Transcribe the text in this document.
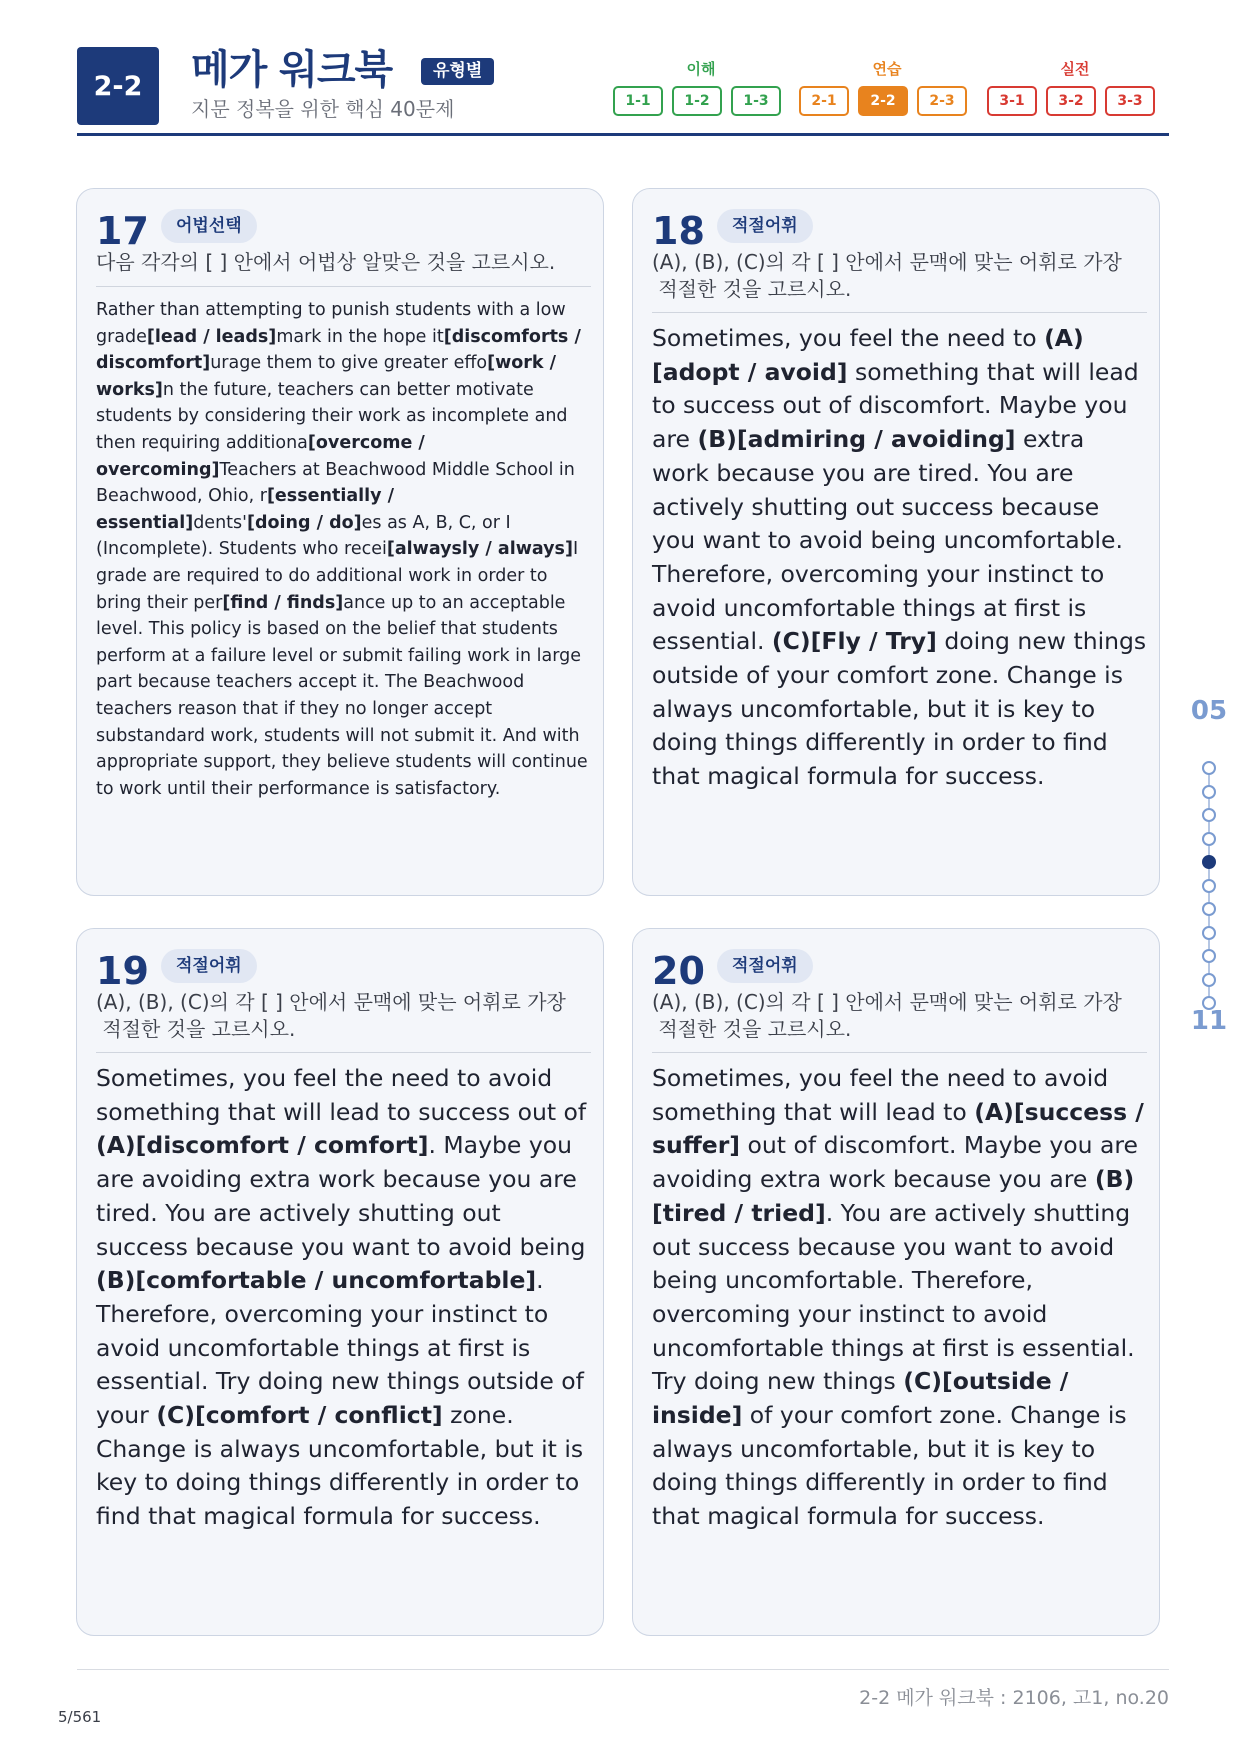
2-2	메가 워크북	유형별
지문 정복을 위한 핵심 40문제
이해
1-1	1-2	1-3
연습
2-1	2-2	2-3
실전
3-1	3-2	3-3
17	어법선택
다음 각각의 [ ] 안에서 어법상 알맞은 것을 고르시오.
Rather than attempting to punish students with a low grade[lead / leads]mark in the hope it[discomforts / discomfort]urage them to give greater effo[work / works]n the future, teachers can better motivate students by considering their work as incomplete and then requiring additiona[overcome / overcoming]Teachers at Beachwood Middle School in Beachwood, Ohio, r[essentially / essential]dents'[doing / do]es as A, B, C, or I (Incomplete). Students who recei[alwaysly / always]I grade are required to do additional work in order to bring their per[find / finds]ance up to an acceptable level. This policy is based on the belief that students perform at a failure level or submit failing work in large part because teachers accept it. The Beachwood teachers reason that if they no longer accept substandard work, students will not submit it. And with appropriate support, they believe students will continue to work until their performance is satisfactory.
18	적절어휘
(A), (B), (C)의 각 [ ] 안에서 문맥에 맞는 어휘로 가장
적절한 것을 고르시오.
Sometimes, you feel the need to (A)[adopt / avoid] something that will lead to success out of discomfort. Maybe you are (B)[admiring / avoiding] extra work because you are tired. You are actively shutting out success because you want to avoid being uncomfortable. Therefore, overcoming your instinct to avoid uncomfortable things at first is essential. (C)[Fly / Try] doing new things outside of your comfort zone. Change is always uncomfortable, but it is key to doing things differently in order to find that magical formula for success.
19	적절어휘
(A), (B), (C)의 각 [ ] 안에서 문맥에 맞는 어휘로 가장
적절한 것을 고르시오.
Sometimes, you feel the need to avoid something that will lead to success out of (A)[discomfort / comfort]. Maybe you are avoiding extra work because you are tired. You are actively shutting out success because you want to avoid being (B)[comfortable / uncomfortable]. Therefore, overcoming your instinct to avoid uncomfortable things at first is essential. Try doing new things outside of your (C)[comfort / conflict] zone. Change is always uncomfortable, but it is key to doing things differently in order to find that magical formula for success.
20	적절어휘
(A), (B), (C)의 각 [ ] 안에서 문맥에 맞는 어휘로 가장
적절한 것을 고르시오.
Sometimes, you feel the need to avoid something that will lead to (A)[success / suffer] out of discomfort. Maybe you are avoiding extra work because you are (B)[tired / tried]. You are actively shutting out success because you want to avoid being uncomfortable. Therefore, overcoming your instinct to avoid uncomfortable things at first is essential. Try doing new things (C)[outside / inside] of your comfort zone. Change is always uncomfortable, but it is key to doing things differently in order to find that magical formula for success.
05
11
2-2 메가 워크북 : 2106, 고1, no.20
5/561
